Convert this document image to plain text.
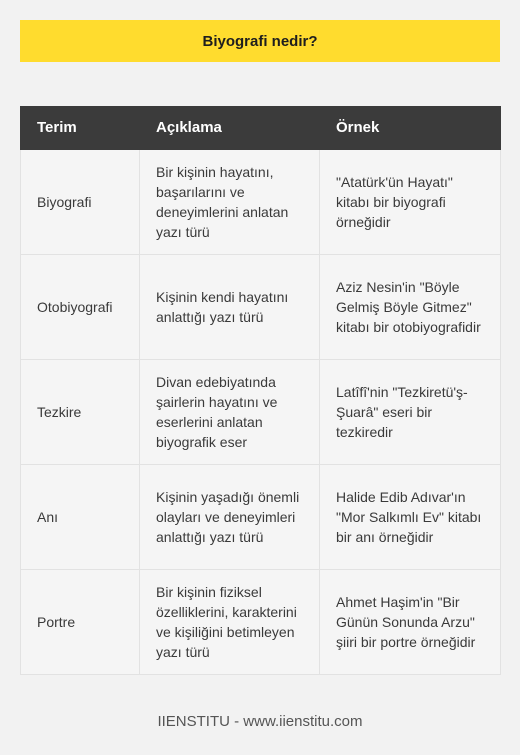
Biyografi nedir?
Terim	Açıklama	Örnek
Biyografi	Bir kişinin hayatını, başarılarını ve deneyimlerini anlatan yazı türü	"Atatürk'ün Hayatı" kitabı bir biyografi örneğidir
Otobiyografi	Kişinin kendi hayatını anlattığı yazı türü	Aziz Nesin'in "Böyle Gelmiş Böyle Gitmez" kitabı bir otobiyografidir
Tezkire	Divan edebiyatında şairlerin hayatını ve eserlerini anlatan biyografik eser	Latîfî'nin "Tezkiretü'ş-Şuarâ" eseri bir tezkiredir
Anı	Kişinin yaşadığı önemli olayları ve deneyimleri anlattığı yazı türü	Halide Edib Adıvar'ın "Mor Salkımlı Ev" kitabı bir anı örneğidir
Portre	Bir kişinin fiziksel özelliklerini, karakterini ve kişiliğini betimleyen yazı türü	Ahmet Haşim'in "Bir Günün Sonunda Arzu" şiiri bir portre örneğidir
IIENSTITU - www.iienstitu.com
